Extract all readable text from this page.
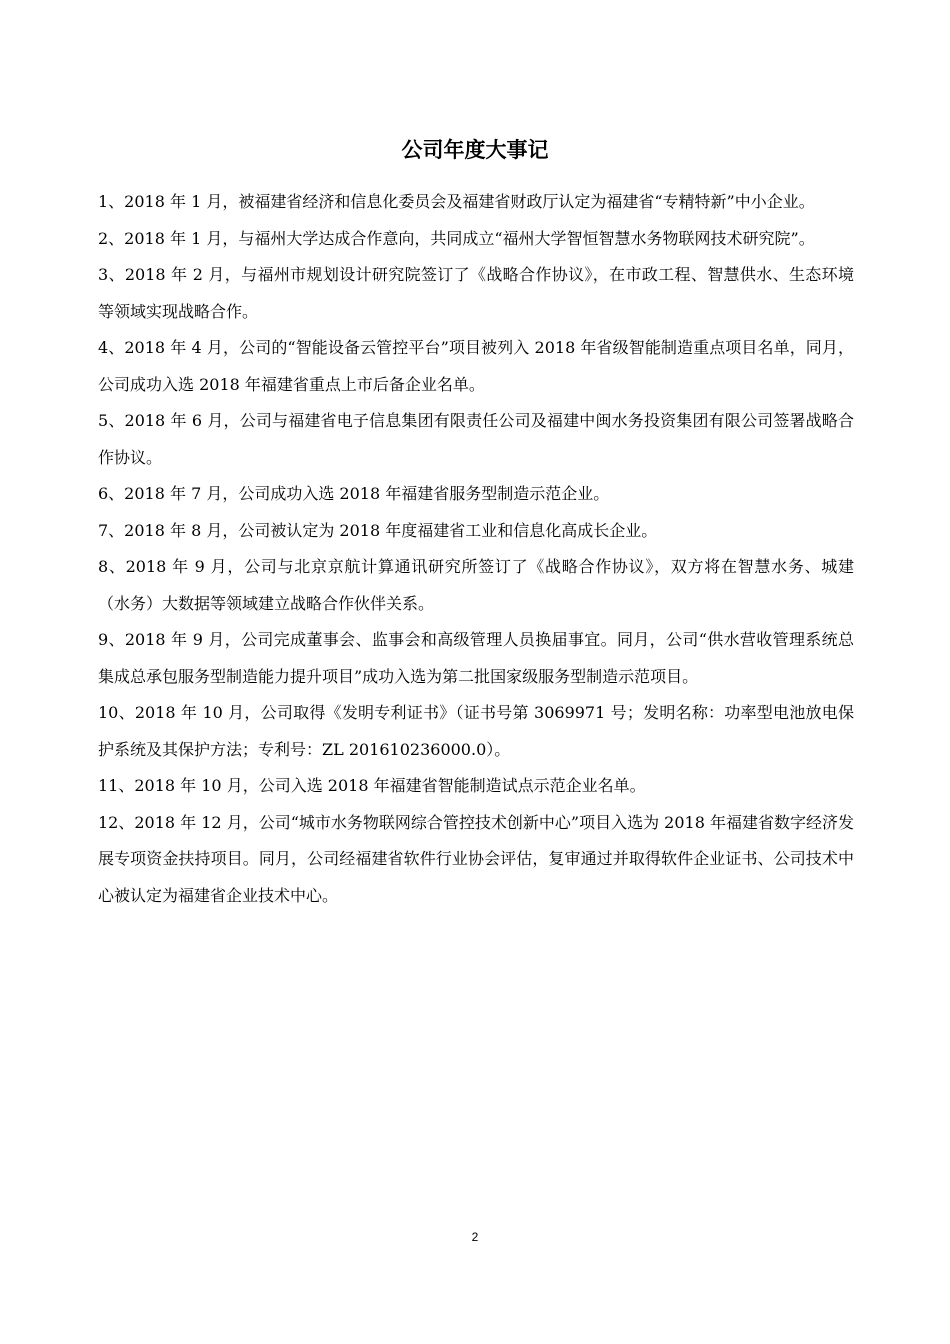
公司年度大事记
1、2018 年 1 月，被福建省经济和信息化委员会及福建省财政厅认定为福建省“专精特新”中小企业。
2、2018 年 1 月，与福州大学达成合作意向，共同成立“福州大学智恒智慧水务物联网技术研究院”。
3、2018 年 2 月，与福州市规划设计研究院签订了《战略合作协议》，在市政工程、智慧供水、生态环境等领域实现战略合作。
4、2018 年 4 月，公司的“智能设备云管控平台”项目被列入 2018 年省级智能制造重点项目名单，同月，公司成功入选 2018 年福建省重点上市后备企业名单。
5、2018 年 6 月，公司与福建省电子信息集团有限责任公司及福建中闽水务投资集团有限公司签署战略合作协议。
6、2018 年 7 月，公司成功入选 2018 年福建省服务型制造示范企业。
7、2018 年 8 月，公司被认定为 2018 年度福建省工业和信息化高成长企业。
8、2018 年 9 月，公司与北京京航计算通讯研究所签订了《战略合作协议》，双方将在智慧水务、城建（水务）大数据等领域建立战略合作伙伴关系。
9、2018 年 9 月，公司完成董事会、监事会和高级管理人员换届事宜。同月，公司“供水营收管理系统总集成总承包服务型制造能力提升项目”成功入选为第二批国家级服务型制造示范项目。
10、2018 年 10 月，公司取得《发明专利证书》（证书号第 3069971 号；发明名称：功率型电池放电保护系统及其保护方法；专利号：ZL 201610236000.0）。
11、2018 年 10 月，公司入选 2018 年福建省智能制造试点示范企业名单。
12、2018 年 12 月，公司“城市水务物联网综合管控技术创新中心”项目入选为 2018 年福建省数字经济发展专项资金扶持项目。同月，公司经福建省软件行业协会评估，复审通过并取得软件企业证书、公司技术中心被认定为福建省企业技术中心。
2
